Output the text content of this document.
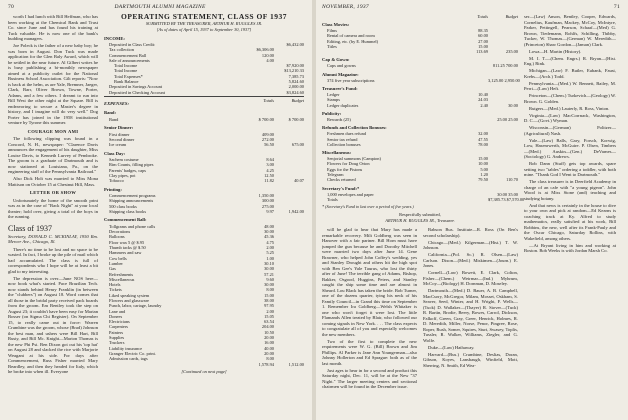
70	DARTMOUTH ALUMNI MAGAZINE

worth I had lunch with Bill Heffman, who has been working at the Chemical Bank and Trust Co. since June and has found his training at Tuck valuable. He is now one of the bank's budding managers.

Joe Poleck is the father of a new baby boy; he was born in August. Don Tuck was made application for the Glen Baly Award, which will be settled in the near future. Al Gilbert writes he is busy publishing a bi-monthly newspaper aimed at a publicity outlet for the National Business School Association. Gilt reports: "Now is back at the helm, as are Yale, Bremner, Jaeger, Clark, Barr, Oliver Brown, Towne, Porter, Adams, and a few others. I dreamt to run into Bill West the other night at the Square. Bill is endeavoring to secure a Master's degree in history, and I imagine will do very well." Dog Porter has joined in the 1958 institutional venture by Tyrone this summer.

COURAGE MON AMI

The following clipping was found in a Concord, N. H., newspaper: "Clarence Davis announces the engagement of his daughter, Miss Louise Davis, to Kenneth Lurvey of Pembroke. The groom is a graduate of Dartmouth and is now stationed at Louisiana, Pa., on the engineering staff of the Pennsylvania Railroad."

Also Dick Holt was married to Miss Mona Mattison on October 15 at Chestnut Hill, Mass.

LETTER OR SHOW

Unfortunately the home of the smooth print was as in the case of "Back Night" at your local theater; hold over, giving a total of the boys in the running.

Class of 1937

Secretary, DONALD C. MCKINLAY, 1950 Rm. Mercer Ave., Chicago, Ill.

There's no time to be lost and no space to be wasted. In fact, I broke up the pile of mail which had accumulated. The class is full of correspondents who I hope will be at least a bit glad to my interesting.

The depression is over—June NOS here—now book what's started. Pace Brazilian Tech. now stands behind Henry Franklin (in between the "clubbers") on August 18. Word comes that all those in the bridal party received pack boards from the groom. Em Bentley took the step on August 23; it couldn't have been easy for Marian Bosser (on Sigma Chi Register). On September 15, to really came out in force: Warren Crumbine was the groom, whose (Brad) Johnson the best man, and ushers were Bill Hart, Bill Rusty, and Bill Mc. Knight—Marion Thomas is the new Phi Psi. Ben Dixon got out his 'top hat' on August 28 and slacked the rice with Marjorie Weagant at his side. For days after Commencement, Russ Fisher married Mary Beardley, and then they headed for Italy, which he broke into when ill. Everyone

OPERATING STATEMENT, CLASS OF 1937
SUBMITTED BY THE TREASURER, ARTHUR H. RUGGLES JR.
[As of dates of April 15, 1937 to September 30, 1937]
INCOME:
Deposited in Class Credit:	$6,432.00
Tax collection	$6,306.00
Commencement Ball	120.00
Sale of announcements	4.00
Total Income	$7,920.00
Total Income	$13,210.33
Total Expenses*	7,385.73
Bank Balance	5,824.60
Deposited in Savings Account	2,000.00
Deposited in Checking Account	$3,824.60
EXPENSES:
Totals	Budget
Band:
Band	$ 700.00	$ 700.00
Senior Dinner:
First dinner	409.00
Second dinner	272.00
Ice cream	56.50	675.00
Class Day:
Sachem costume	8.64
Rim Counts, filling pipes	3.00
Parents' badges, caps	4.25
Clay pipes, pot	12.50
Tobacco	11.82	40.07
Printing:
Commencement programs	1,350.00
Shipping announcements	300.00
500 class books	275.00
Shipping class books	9.97	1,942.00
Commencement Ball:
Tollgrams and phone calls	48.00
Decorations	30.00
Balloons	45.36
Floor wax 5 @ $.95	4.75
Thumb tacks @ $.50	2.00
Hammers and saw	5.25
Cow bells	1.00
Lumber	30.10
Gas	30.00
Refreshments	57.21
Miscellaneous	9.60
Hotels	30.00
Tickets	8.00
Liked speaking system	15.00
Flowers and glassware	38.00
Punch, labor, cartage, laundry	97.95
Lane and	2.00
Donees	15.05
Electricians	63.54
Carpenters	204.00
Painters	10.50
Supplies	20.00
Truckers	16.00
Liability insurance	40.00
Granger Electric Co. print.	20.00
Admission cards, tags	8.00
1,578.94	1,512.00

[Continued on next page]

NOVEMBER, 1937	71
Totals	Budget
Class Movies:
Films	88.35
Rental of camera and room	60.00
Editing, etc. (by E. Hummel)	27.00
Titles	15.00
113.69	235.00
Cap & Gown:
Caps and gowns	811.25 700.00
Alumni Magazine:
374 five year subscriptions	3,125.00 2,950.00
Treasurer's Fund:
Ledger	10.40
Stamps	24.03
Ledger duplicates	2.40	30.00
Publicity:
Rewards (25)	25.00 25.00
Refunds and Collection Bonuses:
Freshmen dues refund	32.00
Senior tax refund	47.55
Collection bonuses	78.00
Miscellaneous:
Senjorial summons (Campion)	15.00
Flowers for Doug Orton	10.00
Eggs for the Pistons	5.00
Telegram	1.20
Checks returned	79.50	110.70
Secretary's Fund:*
1,000 envelopes and paper	30.00 35.00
Totals	$7,385.73 $7,570.00
* (Secretary's Fund to last over a period of five years.)
Respectfully submitted,
ARTHUR H. RUGGLES JR., Treasurer.

will be glad to hear that Mary has made a remarkable recovery. Milt Goldberg was seen in Hanover with a fair partner. Bill Horn must have jumped the gun because he and Dorothy Mitchell were married two days after June 14. Gene Brawner, who helped John Coffey's wedding, yes and Stanley Drought and others hit the high spot with Ben Gee's Yale Taurus, who lost the thirty after of June! The terrible gang of Adams, Bishop, Bakker, Osgood, Huggins, Peters, and Stanley caught the ship some time and are almost in Sheard. Lou Black has taken the bride. Bob Turner, one of the dozens quarter, tying his neck of his Family Council—in Grand this time on September 1. Remember Ira Goldberg—Welsh Whitaker is one who won't forget it were lost. The little Flamands Allen treated by Blair, who followed our coming signals in New York. . . . The class expects to congratulate all of you and especially welcomes the new members.

Two of the first to complete the new requirements were W. G. (Bill) Brown and Jim Phillips. Al Parker is Jane Ann Youngerman—also Johnny Hollerton and Ed Sprague: both as of the last month.

Just ages to hear in for a second and product this Saturday night, Dec. 11, will be at the New "37 Night." The larger meeting centers and sectional chairmen will be found in the December issue.

Babson Bus. Institute—R. Ross (On Ben's second scholarship).

Chicago—(Med.) Kilgerman—(Hist.) T. W. Johnson.

California—(Pol. Sc.) R. Olsen—(Law) Carlson. Dixon—(Med.) Miskimen—(Journ.) E. Jones.

Cornell—(Law) Bowett, E. Clark, Colton, Fisher—(Chem.) Weirmar—(Ind.) Myhrum, McCoy—(Biology) H. Dornman, D. Moseley.

Dartmouth—(Med.) D. Bauer, A. B. Campbell, MacCurry, McGregor, Milam, Mosset, Oskham, S. Seaver, Seed, Winter, and H. Wright, F. Wells—(Tuck) D. Wallaker—(Thayer) R. Stover—(Tuck) R. Bartin, Brodie, Beery, Bowes, Carrol, Dickson, Falkoff, Green, Gray, Greer, Henrick, Holmes, R. D. Meredith, Miller, Norse, Penor, Pingree, Rose, Roper, Rush, Somer, Squires, Sturt, Swasey, Toplis, Tussler, R. Walker, Williams, Ziegler, and G. Wolfe.

Duke—(Law) Hathaway.

Harvard—(Bus.) Crumbine, Deslias, Doran, Gibson, Koyes, Lansbaugh, Winfield, Mott, Sherring, N. Smith, Ed Wea-

ser—(Law) Anson, Bentley, Cooper, Edwards, Cornelius, Kaufman, Mackey, McCoy, McIntyre, Parker, Pettingell, Pearson, Schaaf—(Med) G. Brown, Tiedemann, Rohlfs, Schilling, Thibby, Tucker, W. Thomas—(German) W. Meredith—(Princeton) Shaw Gordon—(Jaman) Clark.

Lowa—H. Martin (History).

M. I. T.—(Chem. Engrs.) R. Bryan—(Hist. Eng.) Rink.

Michigan—(Law) F. Butler, Eubank, Faust, Krebs—(Arch.) Todd.

Pennsylvania—(Med.) W. Bennett, Bailey, M. Perri—(Law) Heft.

Princeton—(Chem.) Turkevich—(Geology) W. Brown. G. Golden.

Rutgers—(Med.) Lauterly, R. Ross, Vinton.

Virginia—(Law) MacCorrnack, Washington, D. C.—(Govt.) Wyman.

Wisconsin—(German) Politzer—(Agricultural) Nash.

Yale—(Law) Balls, Gary, Forsch, Korwig, Low, Hasenrwerth, McGuire. P. Olsen, Timbers—(Med.) Auskin—(Gen.) DeVarnes—(Sociology) G. Andrews.

Bob Dann (Stuff) gets top awards, spare setting two "tables" ordering a toddler, with both mine. "Thank God I Went to Dartmouth."

The class treasurer is in Deerfield Academy in charge of an cafe with "a young pigeon". John Wood is at Miss Stone (and) teaching and studying botany.

And that news is certainly in the house to dive to your own and pick at random—Ed Kearns is coaching track at Ky. Alfred to study mathematics, really satisfied at his work, Bill Robbins, the new, well after its Frank-Pauly and the Oscar Chicago, Saturday Rollins, with Wakefield, among others.

—At Bryant living in him and working at Boston. Bob Weeks is with Jordan Marsh Co.
